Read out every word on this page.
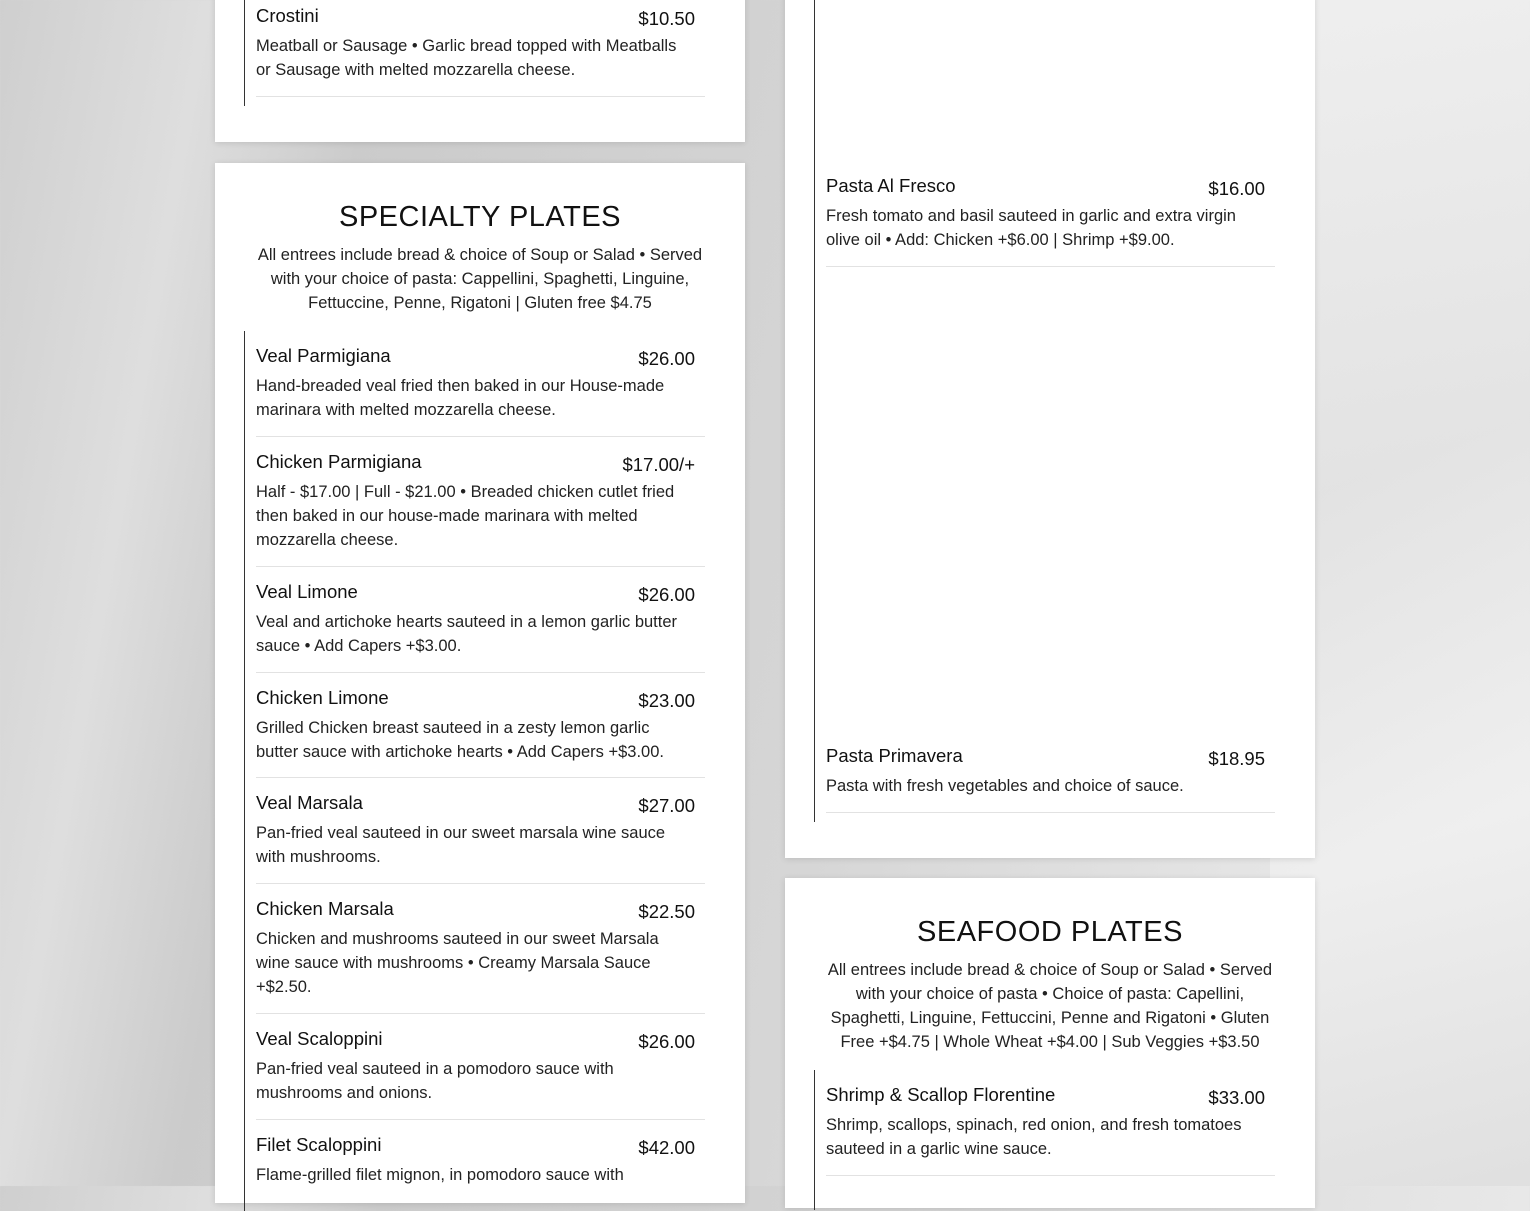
Crostini	$10.50
Meatball or Sausage • Garlic bread topped with Meatballs or Sausage with melted mozzarella cheese.
SPECIALTY PLATES
All entrees include bread & choice of Soup or Salad • Served with your choice of pasta: Cappellini, Spaghetti, Linguine, Fettuccine, Penne, Rigatoni | Gluten free $4.75
Veal Parmigiana	$26.00
Hand-breaded veal fried then baked in our House-made marinara with melted mozzarella cheese.
Chicken Parmigiana	$17.00/+
Half - $17.00 | Full - $21.00 • Breaded chicken cutlet fried then baked in our house-made marinara with melted mozzarella cheese.
Veal Limone	$26.00
Veal and artichoke hearts sauteed in a lemon garlic butter sauce • Add Capers +$3.00.
Chicken Limone	$23.00
Grilled Chicken breast sauteed in a zesty lemon garlic butter sauce with artichoke hearts • Add Capers +$3.00.
Veal Marsala	$27.00
Pan-fried veal sauteed in our sweet marsala wine sauce with mushrooms.
Chicken Marsala	$22.50
Chicken and mushrooms sauteed in our sweet Marsala wine sauce with mushrooms • Creamy Marsala Sauce +$2.50.
Veal Scaloppini	$26.00
Pan-fried veal sauteed in a pomodoro sauce with mushrooms and onions.
Filet Scaloppini	$42.00
Flame-grilled filet mignon, in pomodoro sauce with
Pasta Al Fresco	$16.00
Fresh tomato and basil sauteed in garlic and extra virgin olive oil • Add: Chicken +$6.00 | Shrimp +$9.00.
Pasta Primavera	$18.95
Pasta with fresh vegetables and choice of sauce.
SEAFOOD PLATES
All entrees include bread & choice of Soup or Salad • Served with your choice of pasta • Choice of pasta: Capellini, Spaghetti, Linguine, Fettuccini, Penne and Rigatoni • Gluten Free +$4.75 | Whole Wheat +$4.00 | Sub Veggies +$3.50
Shrimp & Scallop Florentine	$33.00
Shrimp, scallops, spinach, red onion, and fresh tomatoes sauteed in a garlic wine sauce.
